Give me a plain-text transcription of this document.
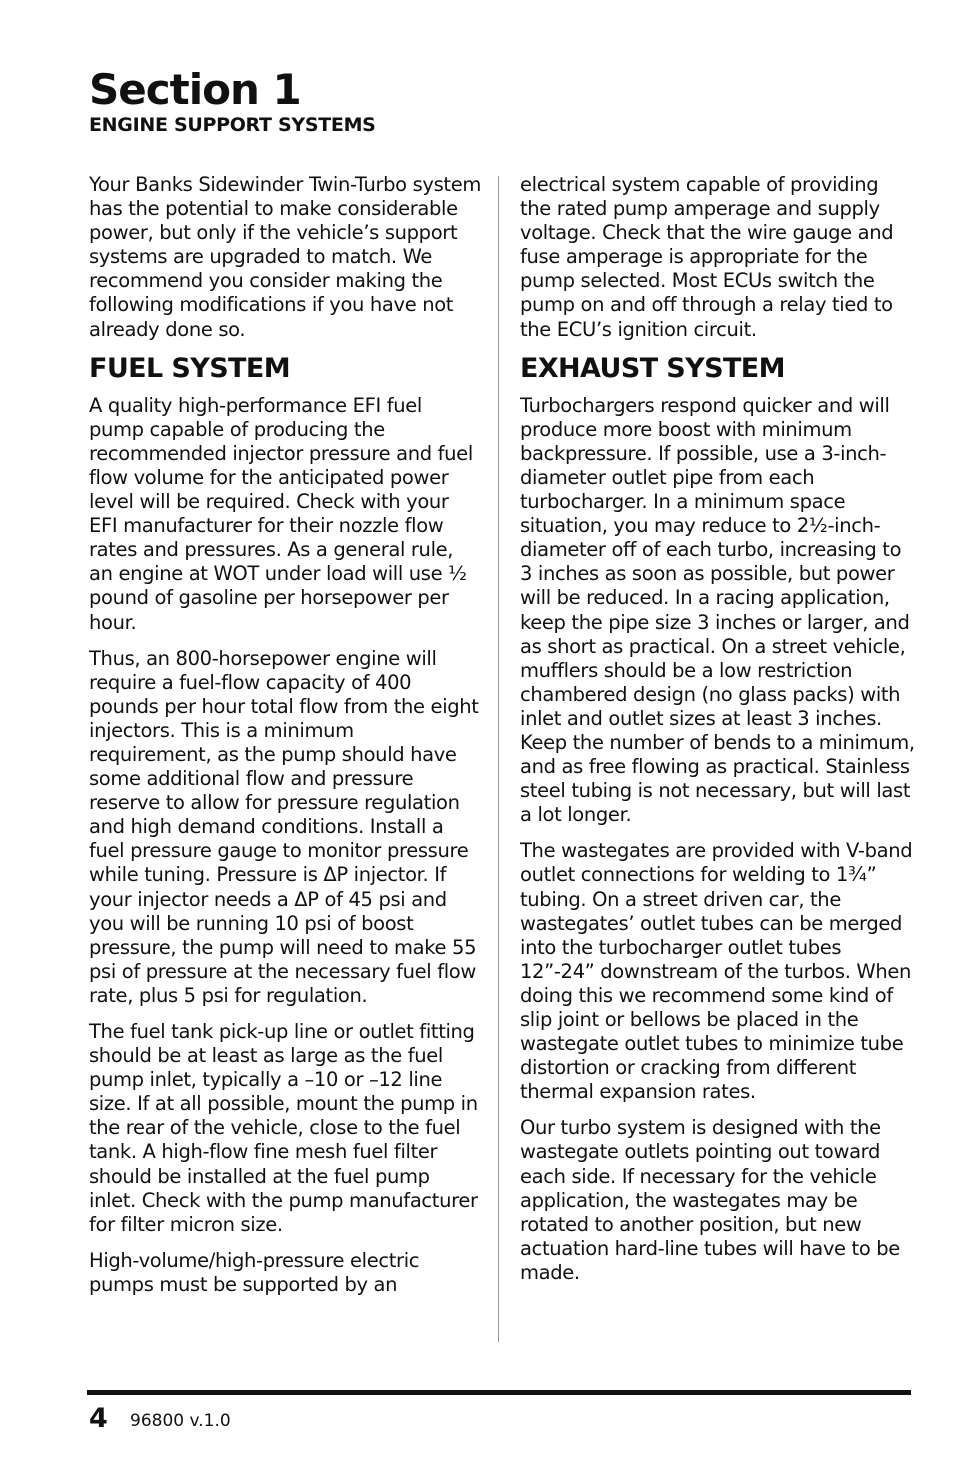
Section 1
ENGINE SUPPORT SYSTEMS

Your Banks Sidewinder Twin-Turbo system has the potential to make considerable power, but only if the vehicle’s support systems are upgraded to match. We recommend you consider making the following modifications if you have not already done so.

FUEL SYSTEM

A quality high-performance EFI fuel pump capable of producing the recommended injector pressure and fuel flow volume for the anticipated power level will be required. Check with your EFI manufacturer for their nozzle flow rates and pressures. As a general rule, an engine at WOT under load will use ½ pound of gasoline per horsepower per hour.

Thus, an 800-horsepower engine will require a fuel-flow capacity of 400 pounds per hour total flow from the eight injectors. This is a minimum requirement, as the pump should have some additional flow and pressure reserve to allow for pressure regulation and high demand conditions. Install a fuel pressure gauge to monitor pressure while tuning. Pressure is ΔP injector. If your injector needs a ΔP of 45 psi and you will be running 10 psi of boost pressure, the pump will need to make 55 psi of pressure at the necessary fuel flow rate, plus 5 psi for regulation.

The fuel tank pick-up line or outlet fitting should be at least as large as the fuel pump inlet, typically a –10 or –12 line size. If at all possible, mount the pump in the rear of the vehicle, close to the fuel tank. A high-flow fine mesh fuel filter should be installed at the fuel pump inlet. Check with the pump manufacturer for filter micron size.

High-volume/high-pressure electric pumps must be supported by an

electrical system capable of providing the rated pump amperage and supply voltage. Check that the wire gauge and fuse amperage is appropriate for the pump selected. Most ECUs switch the pump on and off through a relay tied to the ECU’s ignition circuit.

EXHAUST SYSTEM

Turbochargers respond quicker and will produce more boost with minimum backpressure. If possible, use a 3-inch-diameter outlet pipe from each turbocharger. In a minimum space situation, you may reduce to 2½-inch-diameter off of each turbo, increasing to 3 inches as soon as possible, but power will be reduced. In a racing application, keep the pipe size 3 inches or larger, and as short as practical. On a street vehicle, mufflers should be a low restriction chambered design (no glass packs) with inlet and outlet sizes at least 3 inches. Keep the number of bends to a minimum, and as free flowing as practical. Stainless steel tubing is not necessary, but will last a lot longer.

The wastegates are provided with V-band outlet connections for welding to 1¾” tubing. On a street driven car, the wastegates’ outlet tubes can be merged into the turbocharger outlet tubes 12”-24” downstream of the turbos. When doing this we recommend some kind of slip joint or bellows be placed in the wastegate outlet tubes to minimize tube distortion or cracking from different thermal expansion rates.

Our turbo system is designed with the wastegate outlets pointing out toward each side. If necessary for the vehicle application, the wastegates may be rotated to another position, but new actuation hard-line tubes will have to be made.

4 96800 v.1.0
